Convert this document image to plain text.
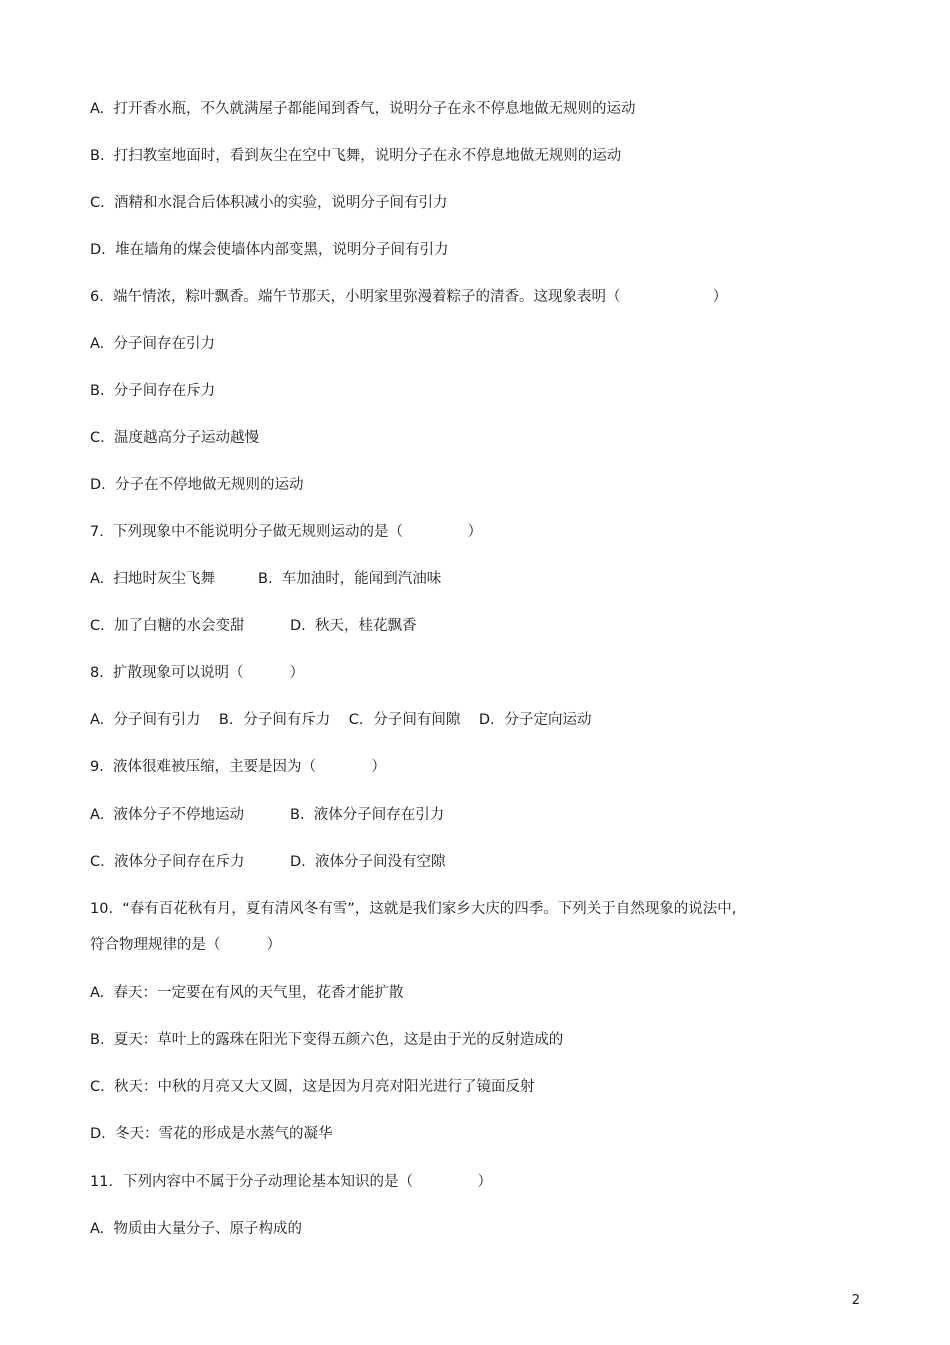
A.  打开香水瓶，不久就满屋子都能闻到香气，说明分子在永不停息地做无规则的运动
B.  打扫教室地面时，看到灰尘在空中飞舞，说明分子在永不停息地做无规则的运动
C.  酒精和水混合后体积减小的实验，说明分子间有引力
D.  堆在墙角的煤会使墙体内部变黑，说明分子间有引力
6.  端午情浓，粽叶飘香。端午节那天，小明家里弥漫着粽子的清香。这现象表明（                    ）
A.  分子间存在引力
B.  分子间存在斥力
C.  温度越高分子运动越慢
D.  分子在不停地做无规则的运动
7.  下列现象中不能说明分子做无规则运动的是（              ）
A.  扫地时灰尘飞舞	B.  车加油时，能闻到汽油味
C.  加了白糖的水会变甜	D.  秋天，桂花飘香
8.  扩散现象可以说明（          ）
A.  分子间有引力    B．分子间有斥力    C．分子间有间隙    D．分子定向运动
9.  液体很难被压缩，主要是因为（            ）
A.  液体分子不停地运动	B.  液体分子间存在引力
C.  液体分子间存在斥力	D.  液体分子间没有空隙
10.  “春有百花秋有月，夏有清风冬有雪”，这就是我们家乡大庆的四季。下列关于自然现象的说法中,
符合物理规律的是（          ）
A.  春天：一定要在有风的天气里，花香才能扩散
B.  夏天：草叶上的露珠在阳光下变得五颜六色，这是由于光的反射造成的
C.  秋天：中秋的月亮又大又圆，这是因为月亮对阳光进行了镜面反射
D.  冬天：雪花的形成是水蒸气的凝华
11．下列内容中不属于分子动理论基本知识的是（              ）
A.  物质由大量分子、原子构成的
2
